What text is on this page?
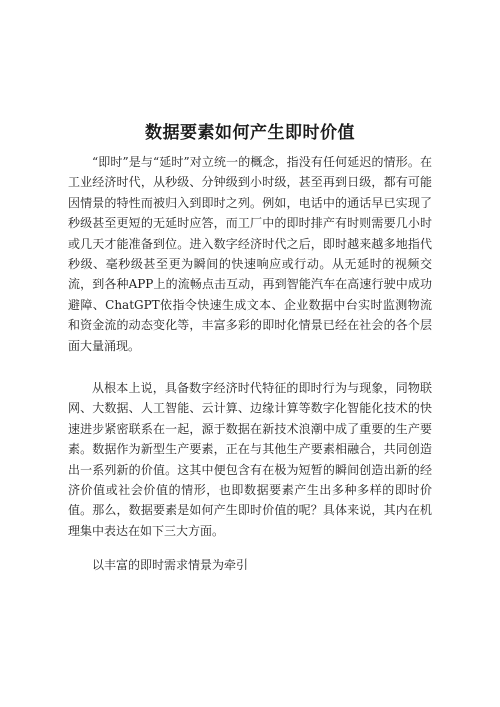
数据要素如何产生即时价值

“即时”是与“延时”对立统一的概念，指没有任何延迟的情形。在工业经济时代，从秒级、分钟级到小时级，甚至再到日级，都有可能因情景的特性而被归入到即时之列。例如，电话中的通话早已实现了秒级甚至更短的无延时应答，而工厂中的即时排产有时则需要几小时或几天才能准备到位。进入数字经济时代之后，即时越来越多地指代秒级、毫秒级甚至更为瞬间的快速响应或行动。从无延时的视频交流，到各种APP上的流畅点击互动，再到智能汽车在高速行驶中成功避障、ChatGPT依指令快速生成文本、企业数据中台实时监测物流和资金流的动态变化等，丰富多彩的即时化情景已经在社会的各个层面大量涌现。

从根本上说，具备数字经济时代特征的即时行为与现象，同物联网、大数据、人工智能、云计算、边缘计算等数字化智能化技术的快速进步紧密联系在一起，源于数据在新技术浪潮中成了重要的生产要素。数据作为新型生产要素，正在与其他生产要素相融合，共同创造出一系列新的价值。这其中便包含有在极为短暂的瞬间创造出新的经济价值或社会价值的情形，也即数据要素产生出多种多样的即时价值。那么，数据要素是如何产生即时价值的呢？具体来说，其内在机理集中表达在如下三大方面。

以丰富的即时需求情景为牵引
